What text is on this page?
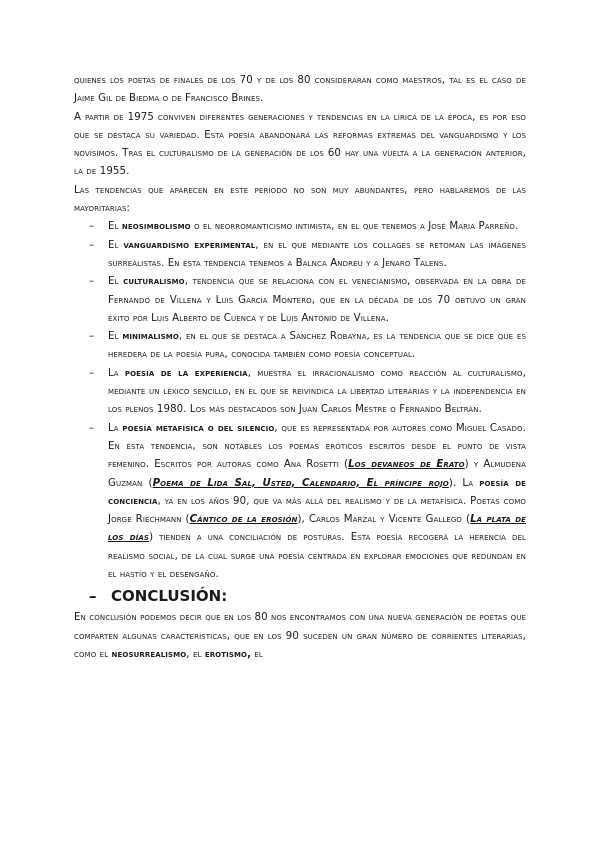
quienes los poetas de finales de los 70 y de los 80 considerarán como maestros, tal es el caso de Jaime Gil de Biedma o de Francisco Brines.

A partir de 1975 conviven diferentes generaciones y tendencias en la lírica de la época, es por eso que se destaca su variedad. Esta poesía abandonará las reformas extremas del vanguardismo y los novísimos. Tras el culturalismo de la generación de los 60 hay una vuelta a la generación anterior, la de 1955.

Las tendencias que aparecen en este período no son muy abundantes, pero hablaremos de las mayoritarias:

– El neosimbolismo o el neorromanticismo intimista, en el que tenemos a José Maria Parreño.
– El vanguardismo experimental, en el que mediante los collages se retoman las imágenes surrealistas. En esta tendencia tenemos a Balnca Andreu y a Jenaro Talens.
– El culturalismo, tendencia que se relaciona con el venecianismo, observada en la obra de Fernando de Villena y Luis García Montero, que en la década de los 70 obtuvo un gran éxito por Luis Alberto de Cuenca y de Luis Antonio de Villena.
– El minimalismo, en el que se destaca a Sánchez Robayna, es la tendencia que se dice que es heredera de la poesía pura, conocida también como poesía conceptual.
– La poesía de la experiencia, muestra el irracionalismo como reacción al culturalismo, mediante un léxico sencillo, en el que se reivindica la libertad literarias y la independencia en los plenos 1980. Los más destacados son Juan Carlos Mestre o Fernando Beltrán.
– La poesía metafísica o del silencio, que es representada por autores como Miguel Casado. En esta tendencia, son notables los poemas eróticos escritos desde el punto de vista femenino. Escritos por autoras como Ana Rosetti (Los devaneos de Erato) y Almudena Guzman (Poema de Lida Sal, Usted, Calendario, El príncipe rojo). La poesía de conciencia, ya en los años 90, que va más allá del realismo y de la metafísica. Poetas como Jorge Riechmann (Cántico de la erosión), Carlos Marzal y Vicente Gallego (La plata de los días) tienden a una conciliación de posturas. Esta poesía recogerá la herencia del realismo social, de la cual surge una poesía centrada en explorar emociones que redundan en el hastío y el desengaño.
– CONCLUSIÓN:

En conclusión podemos decir que en los 80 nos encontramos con una nueva generación de poetas que comparten algunas características, que en los 90 suceden un gran número de corrientes literarias, como el neosurrealismo, el erotismo, el
